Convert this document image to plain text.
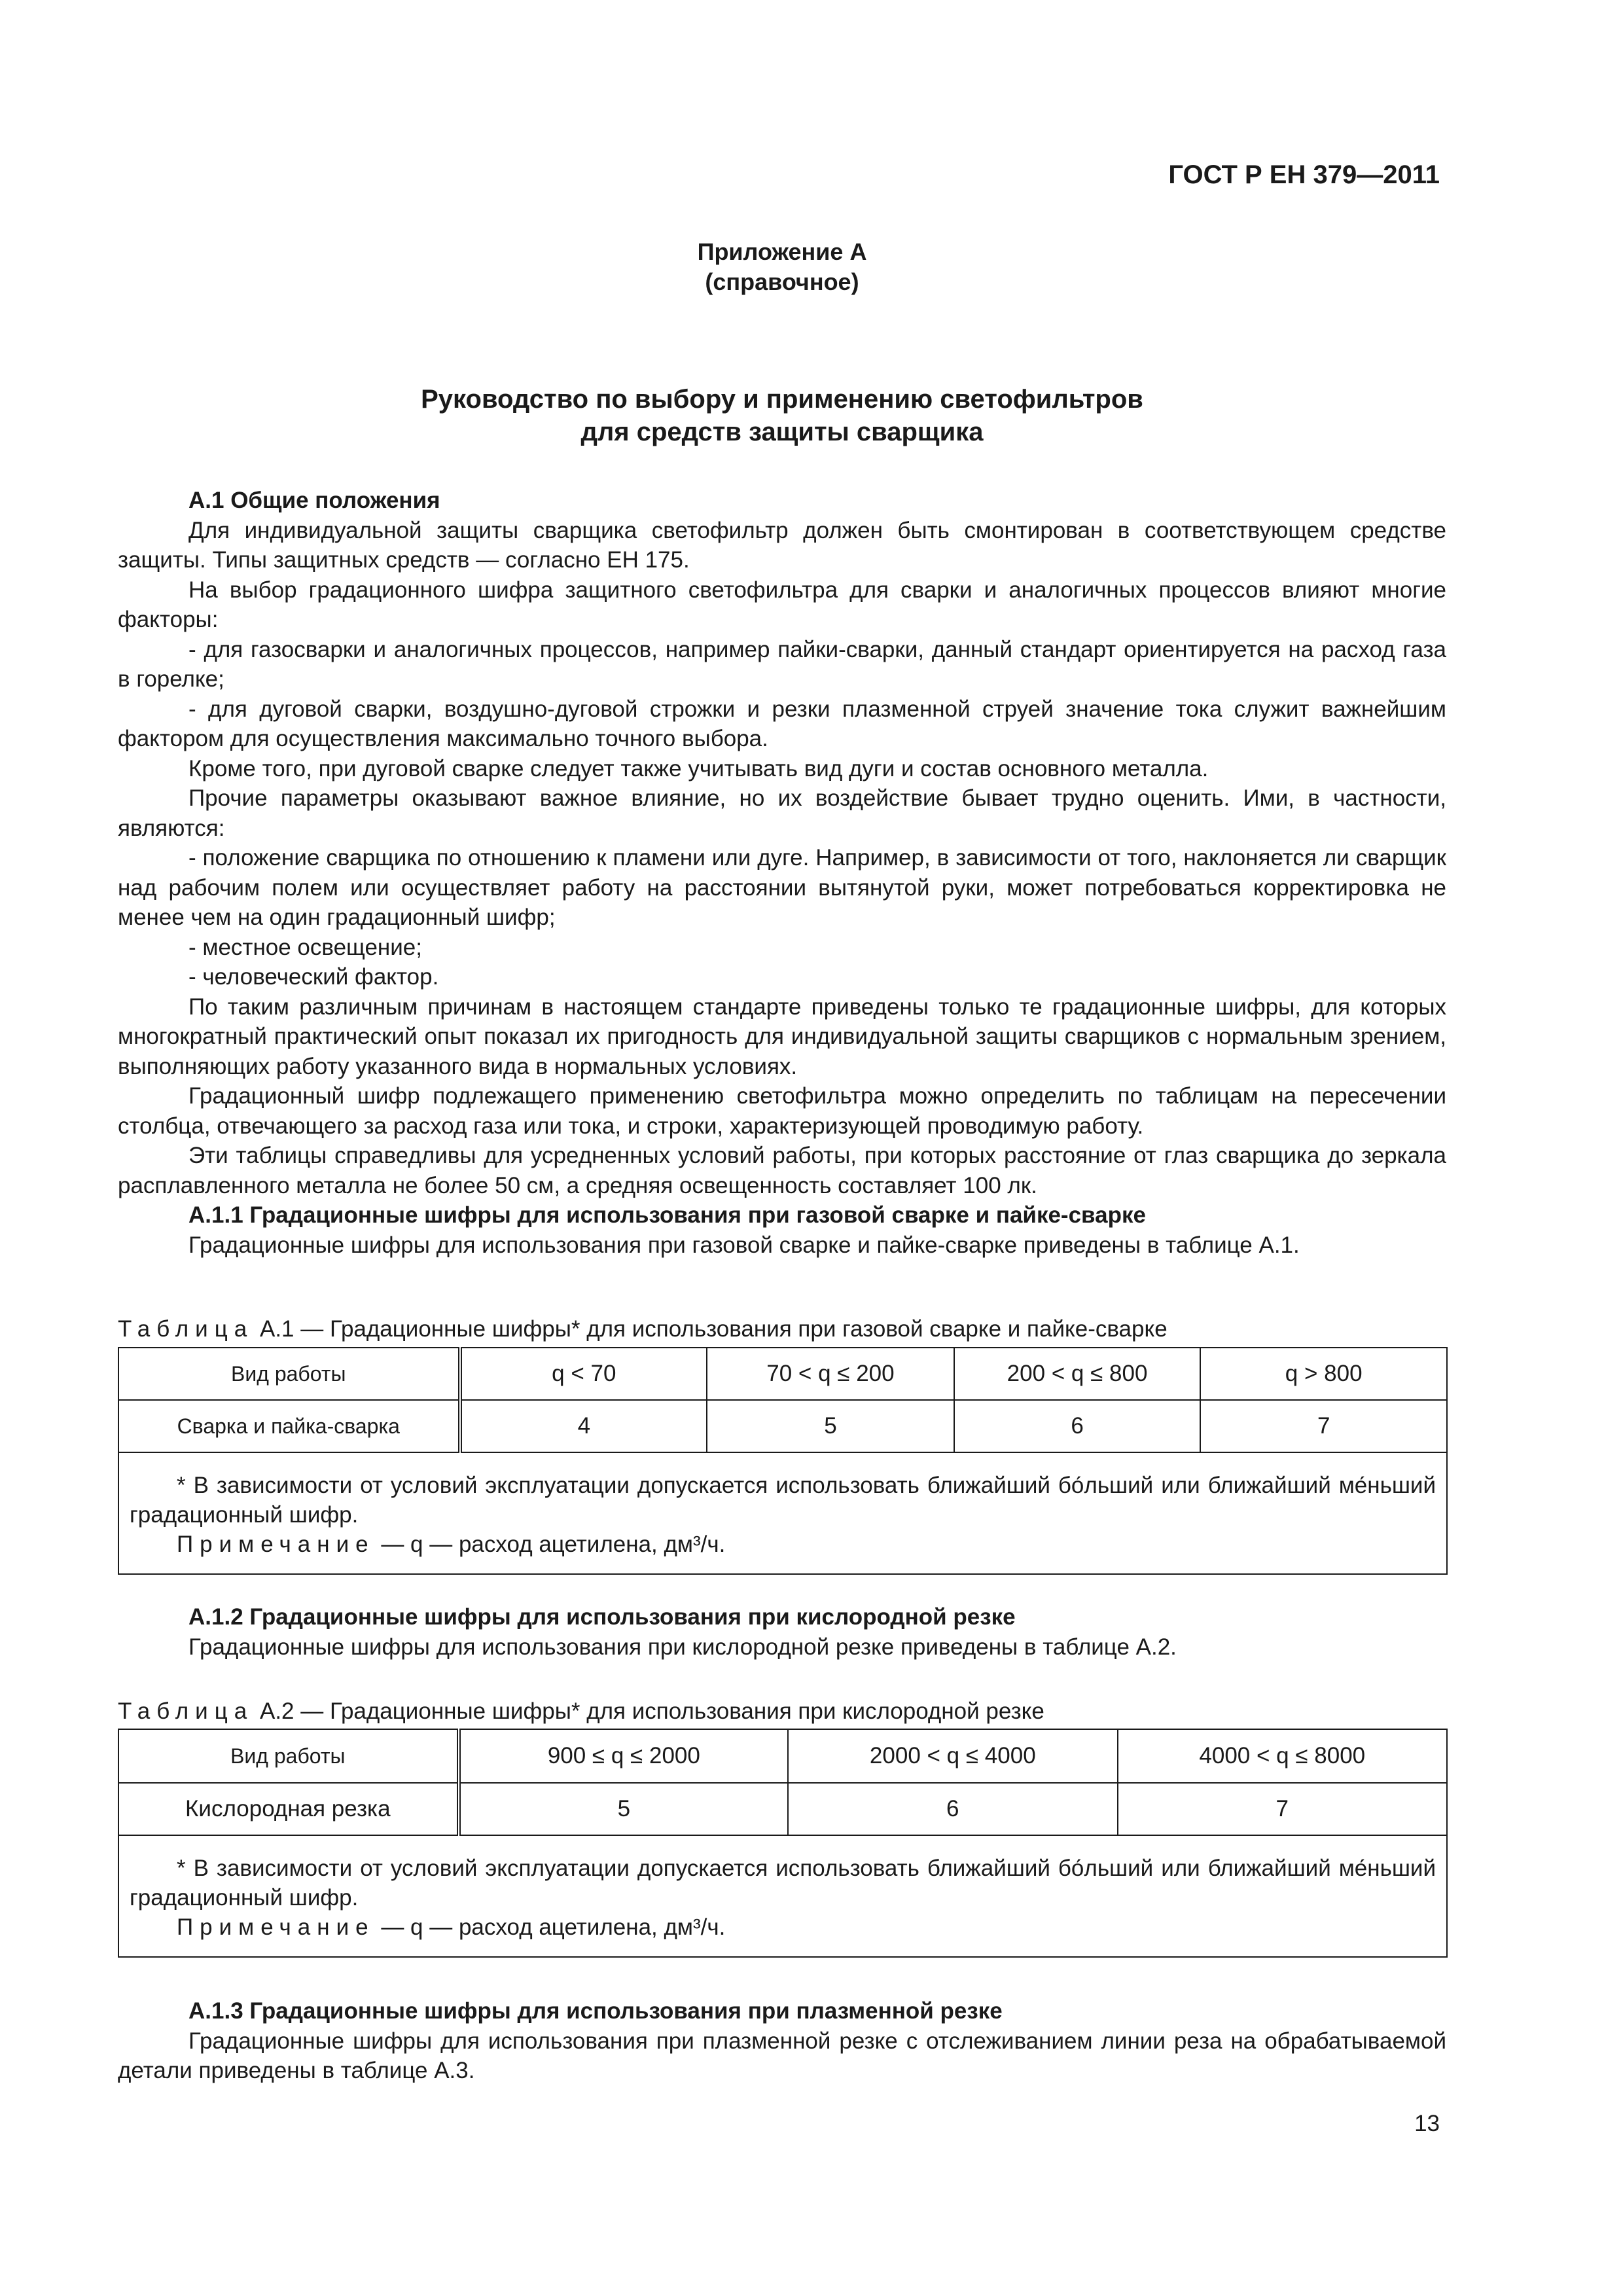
ГОСТ Р ЕН 379—2011
Приложение А
(справочное)
Руководство по выбору и применению светофильтров
для средств защиты сварщика

А.1 Общие положения

Для индивидуальной защиты сварщика светофильтр должен быть смонтирован в соответствующем средстве защиты. Типы защитных средств — согласно ЕН 175.

На выбор градационного шифра защитного светофильтра для сварки и аналогичных процессов влияют многие факторы:

- для газосварки и аналогичных процессов, например пайки-сварки, данный стандарт ориентируется на расход газа в горелке;

- для дуговой сварки, воздушно-дуговой строжки и резки плазменной струей значение тока служит важнейшим фактором для осуществления максимально точного выбора.

Кроме того, при дуговой сварке следует также учитывать вид дуги и состав основного металла.

Прочие параметры оказывают важное влияние, но их воздействие бывает трудно оценить. Ими, в частности, являются:

- положение сварщика по отношению к пламени или дуге. Например, в зависимости от того, наклоняется ли сварщик над рабочим полем или осуществляет работу на расстоянии вытянутой руки, может потребоваться корректировка не менее чем на один градационный шифр;

- местное освещение;

- человеческий фактор.

По таким различным причинам в настоящем стандарте приведены только те градационные шифры, для которых многократный практический опыт показал их пригодность для индивидуальной защиты сварщиков с нормальным зрением, выполняющих работу указанного вида в нормальных условиях.

Градационный шифр подлежащего применению светофильтра можно определить по таблицам на пересечении столбца, отвечающего за расход газа или тока, и строки, характеризующей проводимую работу.

Эти таблицы справедливы для усредненных условий работы, при которых расстояние от глаз сварщика до зеркала расплавленного металла не более 50 см, а средняя освещенность составляет 100 лк.

А.1.1 Градационные шифры для использования при газовой сварке и пайке-сварке

Градационные шифры для использования при газовой сварке и пайке-сварке приведены в таблице А.1.

Таблица А.1 — Градационные шифры* для использования при газовой сварке и пайке-сварке
Вид работы	q < 70	70 < q ≤ 200	200 < q ≤ 800	q > 800
Сварка и пайка-сварка	4	5	6	7

* В зависимости от условий эксплуатации допускается использовать ближайший бо́льший или ближайший ме́ньший градационный шифр.

Примечание — q — расход ацетилена, дм³/ч.				

А.1.2 Градационные шифры для использования при кислородной резке

Градационные шифры для использования при кислородной резке приведены в таблице А.2.

Таблица А.2 — Градационные шифры* для использования при кислородной резке
Вид работы	900 ≤ q ≤ 2000	2000 < q ≤ 4000	4000 < q ≤ 8000
Кислородная резка	5	6	7

* В зависимости от условий эксплуатации допускается использовать ближайший бо́льший или ближайший ме́ньший градационный шифр.

Примечание — q — расход ацетилена, дм³/ч.			

А.1.3 Градационные шифры для использования при плазменной резке

Градационные шифры для использования при плазменной резке с отслеживанием линии реза на обрабатываемой детали приведены в таблице А.3.

13
